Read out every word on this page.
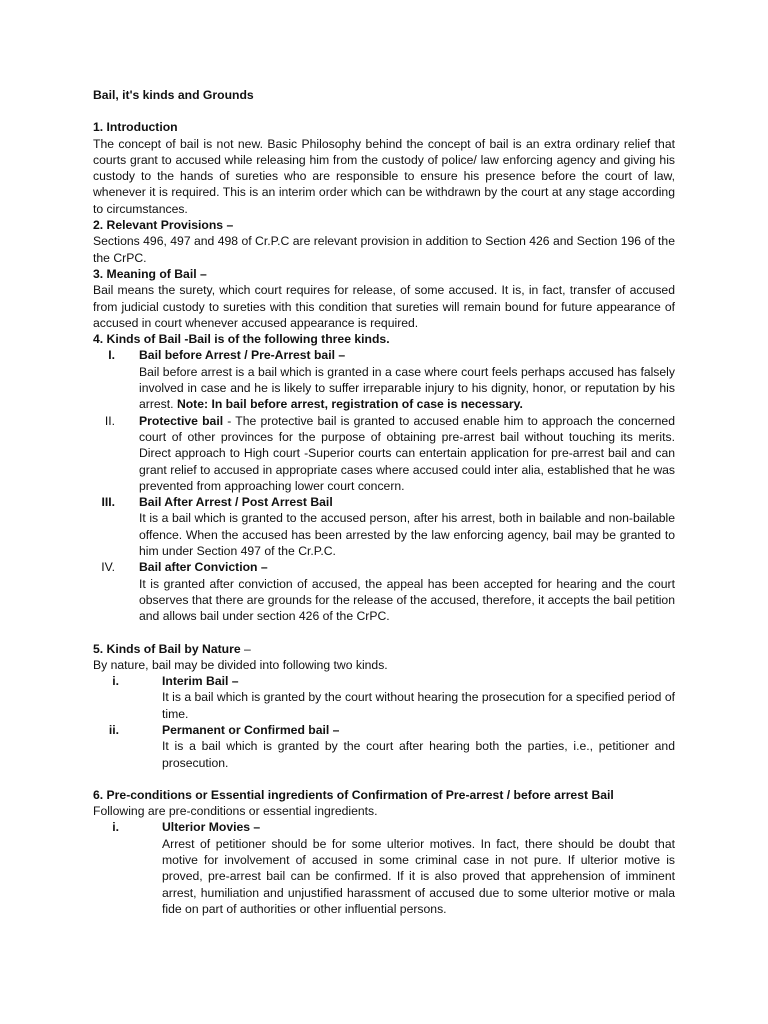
Bail, it's kinds and Grounds

1. Introduction

The concept of bail is not new. Basic Philosophy behind the concept of bail is an extra ordinary relief that courts grant to accused while releasing him from the custody of police/ law enforcing agency and giving his custody to the hands of sureties who are responsible to ensure his presence before the court of law, whenever it is required. This is an interim order which can be withdrawn by the court at any stage according to circumstances.

2. Relevant Provisions –

Sections 496, 497 and 498 of Cr.P.C are relevant provision in addition to Section 426 and Section 196 of the the CrPC.

3. Meaning of Bail –

Bail means the surety, which court requires for release, of some accused. It is, in fact, transfer of accused from judicial custody to sureties with this condition that sureties will remain bound for future appearance of accused in court whenever accused appearance is required.

4. Kinds of Bail -Bail is of the following three kinds.

I. Bail before Arrest / Pre-Arrest bail –

Bail before arrest is a bail which is granted in a case where court feels perhaps accused has falsely involved in case and he is likely to suffer irreparable injury to his dignity, honor, or reputation by his arrest. Note: In bail before arrest, registration of case is necessary.

II. Protective bail - The protective bail is granted to accused enable him to approach the concerned court of other provinces for the purpose of obtaining pre-arrest bail without touching its merits. Direct approach to High court -Superior courts can entertain application for pre-arrest bail and can grant relief to accused in appropriate cases where accused could inter alia, established that he was prevented from approaching lower court concern.

III. Bail After Arrest / Post Arrest Bail

It is a bail which is granted to the accused person, after his arrest, both in bailable and non-bailable offence. When the accused has been arrested by the law enforcing agency, bail may be granted to him under Section 497 of the Cr.P.C.

IV. Bail after Conviction –

It is granted after conviction of accused, the appeal has been accepted for hearing and the court observes that there are grounds for the release of the accused, therefore, it accepts the bail petition and allows bail under section 426 of the CrPC.

5. Kinds of Bail by Nature –

By nature, bail may be divided into following two kinds.

i.	Interim Bail –

It is a bail which is granted by the court without hearing the prosecution for a specified period of time.

ii.	Permanent or Confirmed bail –

It is a bail which is granted by the court after hearing both the parties, i.e., petitioner and prosecution.

6. Pre-conditions or Essential ingredients of Confirmation of Pre-arrest / before arrest Bail

Following are pre-conditions or essential ingredients.

i.	Ulterior Movies –

Arrest of petitioner should be for some ulterior motives. In fact, there should be doubt that motive for involvement of accused in some criminal case in not pure. If ulterior motive is proved, pre-arrest bail can be confirmed. If it is also proved that apprehension of imminent arrest, humiliation and unjustified harassment of accused due to some ulterior motive or mala fide on part of authorities or other influential persons.
